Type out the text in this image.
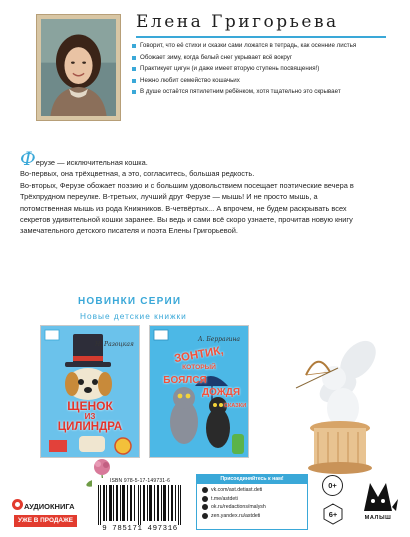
Елена Григорьева
Говорит, что её стихи и сказки сами ложатся в тетрадь, как осенние листья
Обожает зиму, когда белый снег укрывает всё вокруг
Практикует цигун (и даже имеет вторую ступень посвящения!)
Нежно любит семейство кошачьих
В душе остаётся пятилетним ребёнком, хотя тщательно это скрывает
Ферузе — исключительная кошка.
Во-первых, она трёхцветная, а это, согласитесь, большая редкость.
Во-вторых, Ферузе обожает поэзию и с большим удовольствием посещает поэтические вечера в Трёхпрудном переулке. В-третьих, лучший друг Ферузе — мышь! И не просто мышь, а потомственная мышь из рода Книжников. В-четвёртых... А впрочем, не будем раскрывать всех секретов удивительной кошки заранее. Вы ведь и сами всё скоро узнаете, прочитав новую книгу замечательного детского писателя и поэта Елены Григорьевой.
НОВИНКИ СЕРИИ
Новые детские книжки
Н. Разоцкая
ЩЕНОК
ИЗ
ЦИЛИНДРА
А. Беррагина
ЗОНТИК,
КОТОРЫЙ
БОЯЛСЯ
ДОЖДЯ
СКАЗКИ
АУДИОКНИГА
УЖЕ В ПРОДАЖЕ
ISBN 978-5-17-149731-6
9 785171 497316
Присоединяйтесь к нам!
vk.com/ast.detiast.deti
t.me/astdeti
ok.ru/redactions/malysh
zen.yandex.ru/astdeti
0+
6+	МАЛЫШ
